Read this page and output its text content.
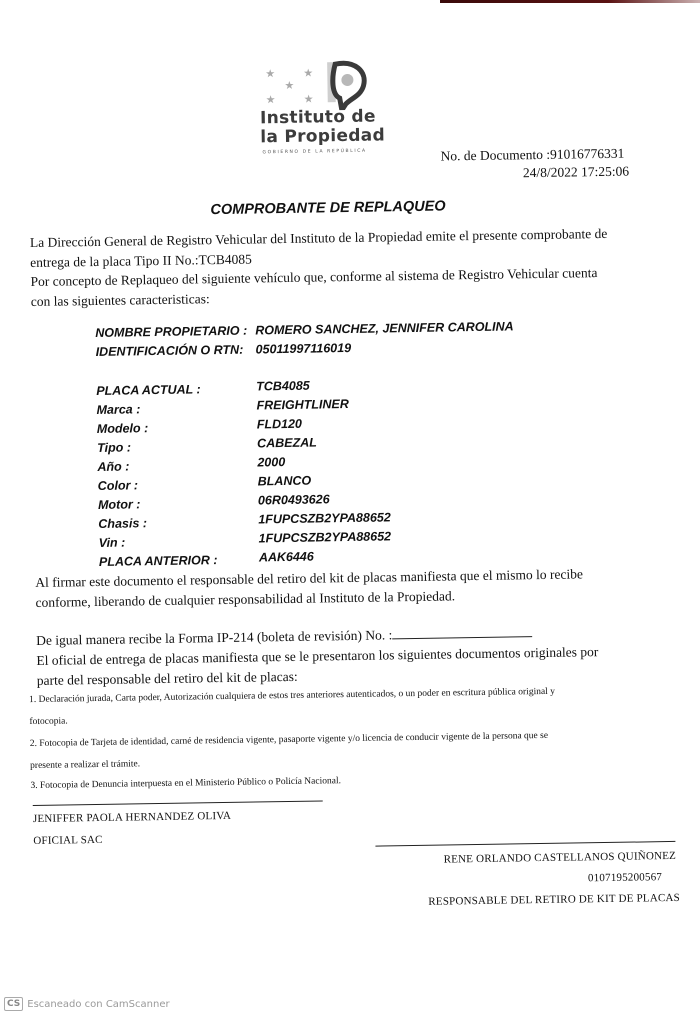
★	★
★
★	★
Instituto de
la Propiedad
GOBIERNO DE LA REPÚBLICA	No. de Documento :91016776331
24/8/2022 17:25:06
COMPROBANTE DE REPLAQUEO
La Dirección General de Registro Vehicular del Instituto de la Propiedad emite el presente comprobante de
entrega de la placa Tipo II No.:TCB4085
Por concepto de Replaqueo del siguiente vehículo que, conforme al sistema de Registro Vehicular cuenta
con las siguientes caracteristicas:
NOMBRE PROPIETARIO : ROMERO SANCHEZ, JENNIFER CAROLINA
IDENTIFICACIÓN O RTN: 05011997116019
PLACA ACTUAL :	TCB4085
Marca :	FREIGHTLINER
Modelo :	FLD120
Tipo :	CABEZAL
Año :	2000
Color :	BLANCO
Motor :	06R0493626
Chasis :	1FUPCSZB2YPA88652
Vin :	1FUPCSZB2YPA88652
PLACA ANTERIOR :	AAK6446
Al firmar este documento el responsable del retiro del kit de placas manifiesta que el mismo lo recibe
conforme, liberando de cualquier responsabilidad al Instituto de la Propiedad.
De igual manera recibe la Forma IP-214 (boleta de revisión) No. :
El oficial de entrega de placas manifiesta que se le presentaron los siguientes documentos originales por
parte del responsable del retiro del kit de placas:
1. Declaración jurada, Carta poder, Autorización cualquiera de estos tres anteriores autenticados, o un poder en escritura pública original y
fotocopia.
2. Fotocopia de Tarjeta de identidad, carné de residencia vigente, pasaporte vigente y/o licencia de conducir vigente de la persona que se
presente a realizar el trámite.
3. Fotocopia de Denuncia interpuesta en el Ministerio Público o Policía Nacional.
JENIFFER PAOLA HERNANDEZ OLIVA
OFICIAL SAC
RENE ORLANDO CASTELLANOS QUIÑONEZ
0107195200567
RESPONSABLE DEL RETIRO DE KIT DE PLACAS
CS Escaneado con CamScanner
